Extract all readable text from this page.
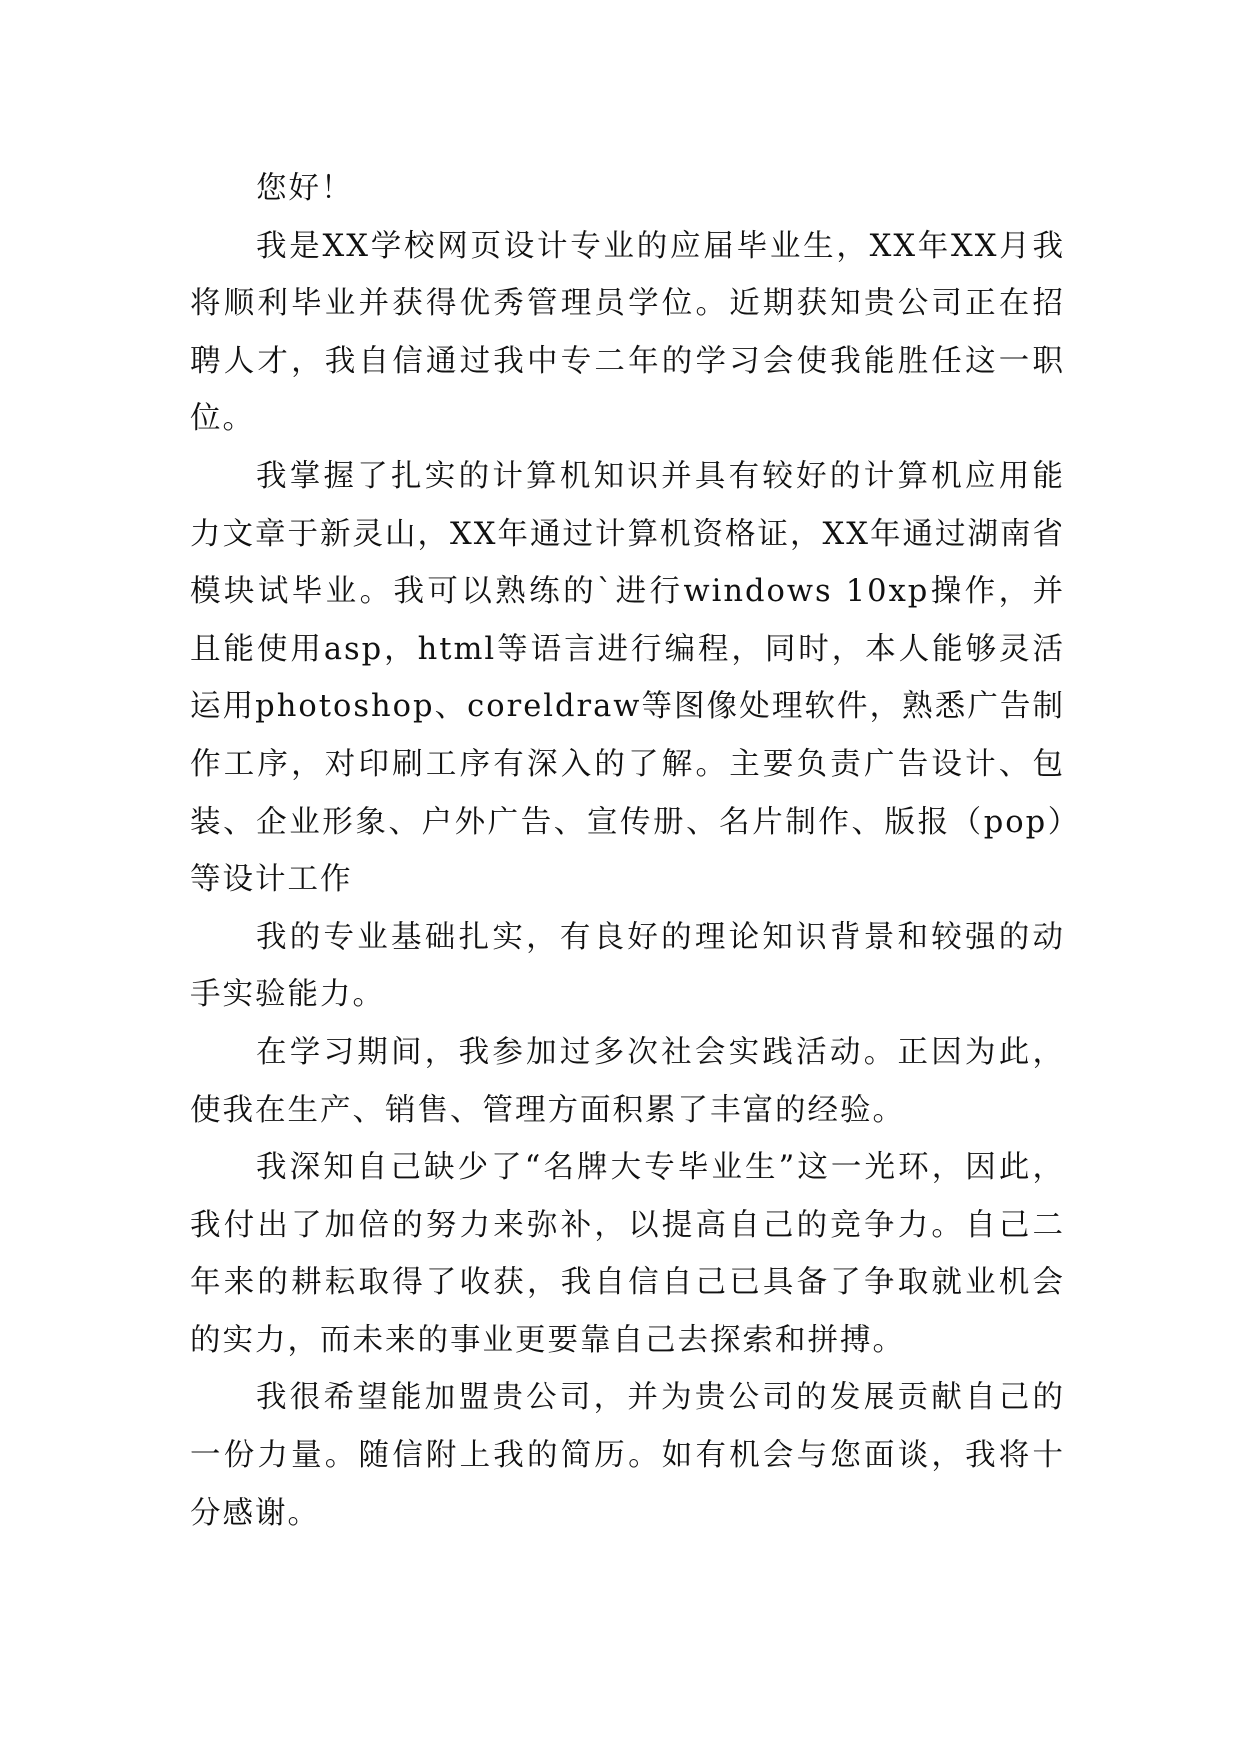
您好！

我是XX学校网页设计专业的应届毕业生，XX年XX月我将顺利毕业并获得优秀管理员学位。近期获知贵公司正在招聘人才，我自信通过我中专二年的学习会使我能胜任这一职位。

我掌握了扎实的计算机知识并具有较好的计算机应用能力文章于新灵山，XX年通过计算机资格证，XX年通过湖南省模块试毕业。我可以熟练的`进行windows 10xp操作，并且能使用asp，html等语言进行编程，同时，本人能够灵活运用photoshop、coreldraw等图像处理软件，熟悉广告制作工序，对印刷工序有深入的了解。主要负责广告设计、包装、企业形象、户外广告、宣传册、名片制作、版报（pop）等设计工作

我的专业基础扎实，有良好的理论知识背景和较强的动手实验能力。

在学习期间，我参加过多次社会实践活动。正因为此，使我在生产、销售、管理方面积累了丰富的经验。

我深知自己缺少了“名牌大专毕业生”这一光环，因此，我付出了加倍的努力来弥补，以提高自己的竞争力。自己二年来的耕耘取得了收获，我自信自己已具备了争取就业机会的实力，而未来的事业更要靠自己去探索和拼搏。

我很希望能加盟贵公司，并为贵公司的发展贡献自己的一份力量。随信附上我的简历。如有机会与您面谈，我将十分感谢。
